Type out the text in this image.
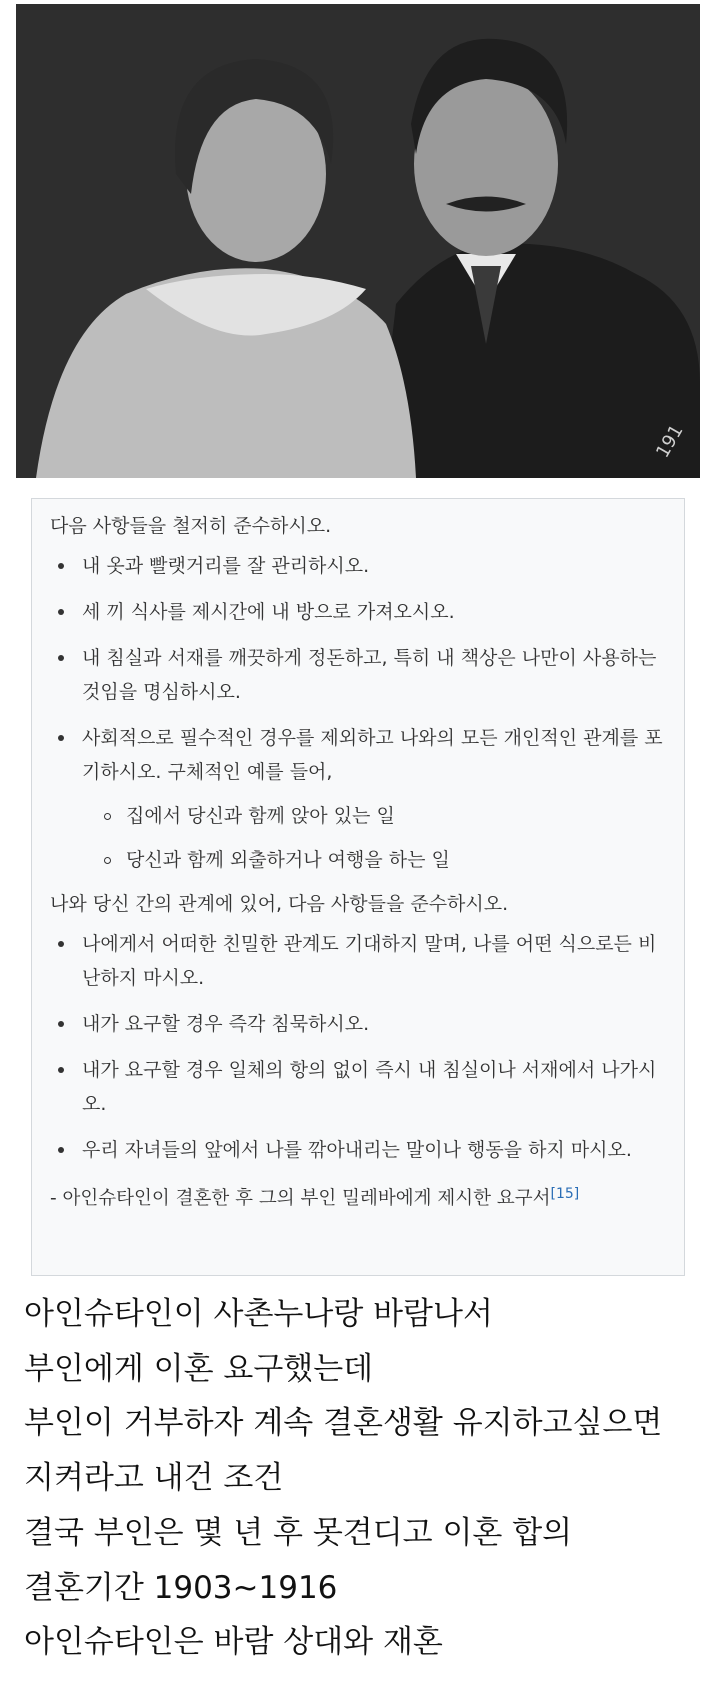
191

다음 사항들을 철저히 준수하시오.

내 옷과 빨랫거리를 잘 관리하시오.
세 끼 식사를 제시간에 내 방으로 가져오시오.
내 침실과 서재를 깨끗하게 정돈하고, 특히 내 책상은 나만이 사용하는 것임을 명심하시오.
사회적으로 필수적인 경우를 제외하고 나와의 모든 개인적인 관계를 포기하시오. 구체적인 예를 들어,
집에서 당신과 함께 앉아 있는 일
당신과 함께 외출하거나 여행을 하는 일

나와 당신 간의 관계에 있어, 다음 사항들을 준수하시오.

나에게서 어떠한 친밀한 관계도 기대하지 말며, 나를 어떤 식으로든 비난하지 마시오.
내가 요구할 경우 즉각 침묵하시오.
내가 요구할 경우 일체의 항의 없이 즉시 내 침실이나 서재에서 나가시오.
우리 자녀들의 앞에서 나를 깎아내리는 말이나 행동을 하지 마시오.

- 아인슈타인이 결혼한 후 그의 부인 밀레바에게 제시한 요구서[15]

아인슈타인이 사촌누나랑 바람나서

부인에게 이혼 요구했는데

부인이 거부하자 계속 결혼생활 유지하고싶으면

지켜라고 내건 조건

결국 부인은 몇 년 후 못견디고 이혼 합의

결혼기간 1903~1916

아인슈타인은 바람 상대와 재혼
